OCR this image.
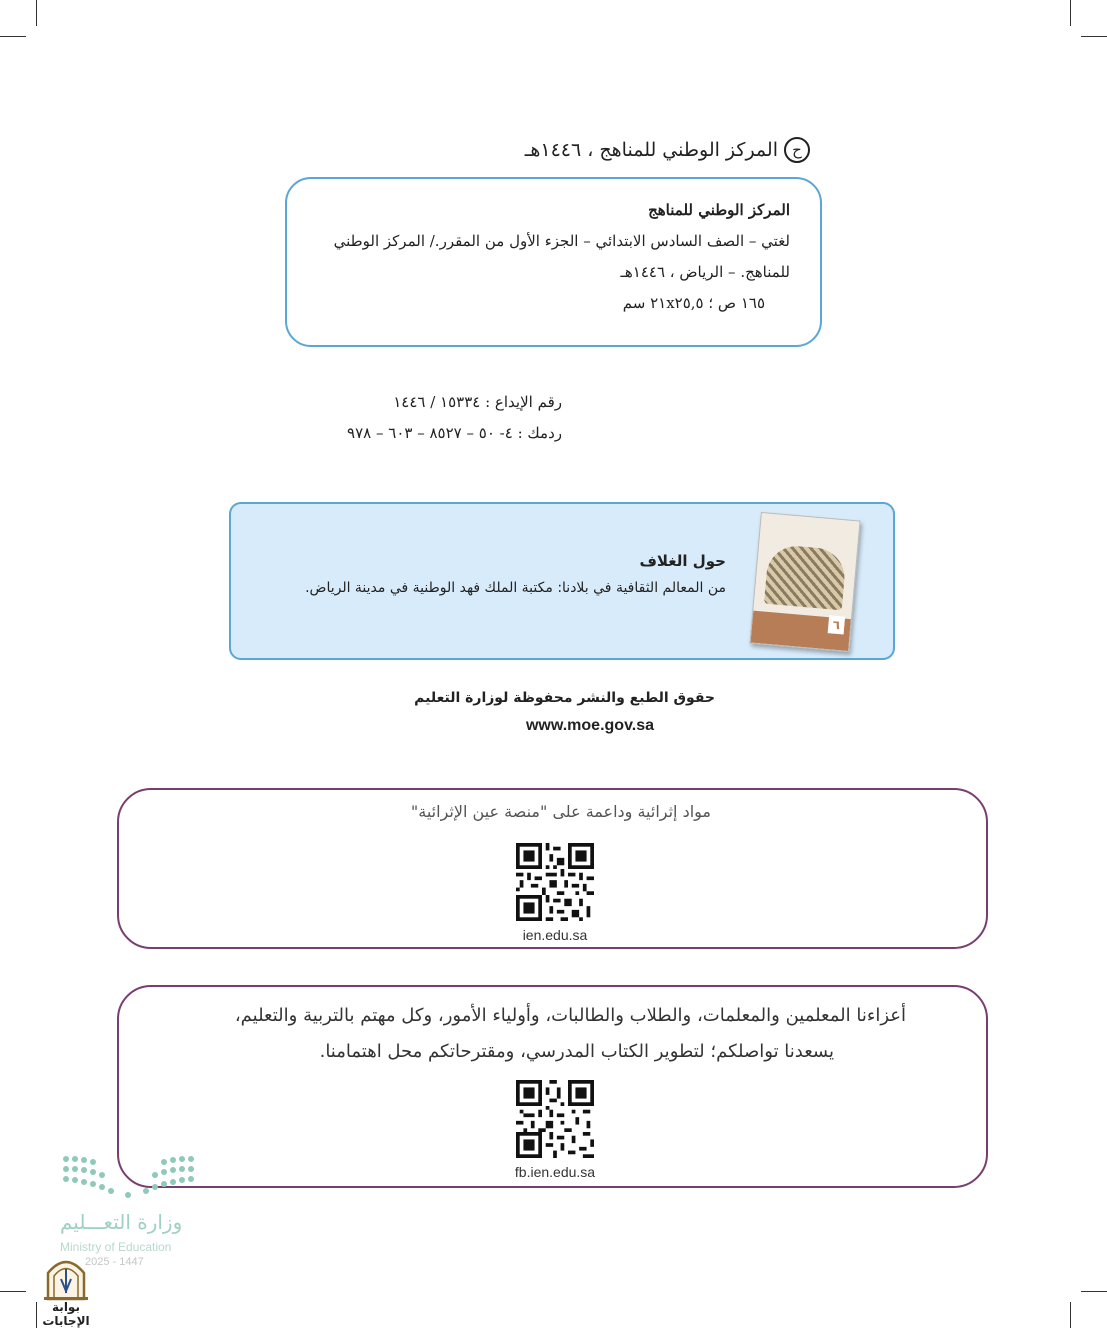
ح
المركز الوطني للمناهج ، ١٤٤٦هـ
المركز الوطني للمناهج
لغتي – الصف السادس الابتدائي – الجزء الأول من المقرر./ المركز الوطني
للمناهج. – الرياض ، ١٤٤٦هـ
١٦٥ ص ؛ ٢١x٢٥,٥ سم
رقم الإيداع : ١٥٣٣٤ / ١٤٤٦
ردمك : ٤- ٥٠ – ٨٥٢٧ – ٦٠٣ – ٩٧٨
٦
حول الغلاف
من المعالم الثقافية في بلادنا: مكتبة الملك فهد الوطنية في مدينة الرياض.
حقوق الطبع والنشر محفوظة لوزارة التعليم
www.moe.gov.sa
مواد إثرائية وداعمة على "منصة عين الإثرائية"
ien.edu.sa
أعزاءنا المعلمين والمعلمات، والطلاب والطالبات، وأولياء الأمور، وكل مهتم بالتربية والتعليم،
يسعدنا تواصلكم؛ لتطوير الكتاب المدرسي، ومقترحاتكم محل اهتمامنا.
fb.ien.edu.sa
وزارة التعـــليم
Ministry of Education
2025 - 1447
بوابة الإجابات
